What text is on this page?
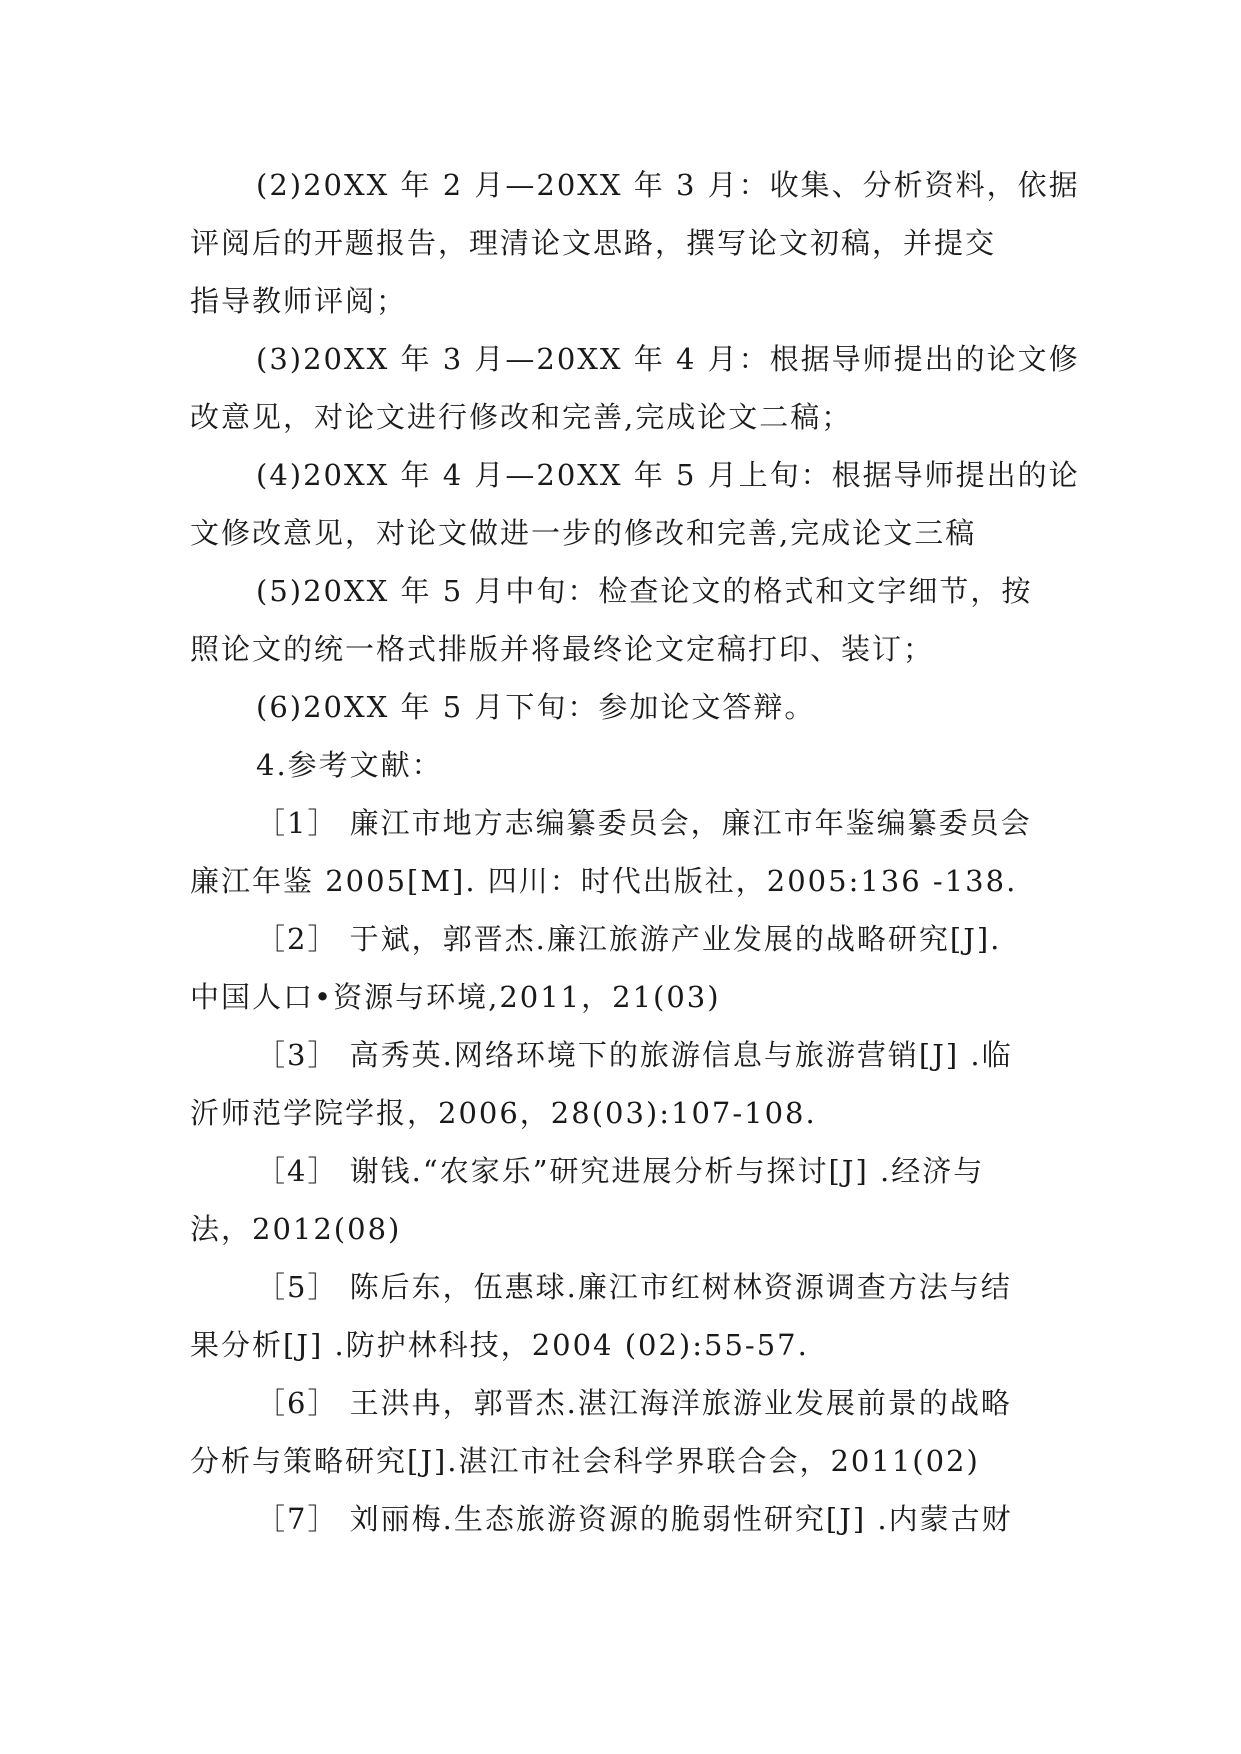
(2)20XX 年 2 月—20XX 年 3 月：收集、分析资料，依据
评阅后的开题报告，理清论文思路，撰写论文初稿，并提交
指导教师评阅；
(3)20XX 年 3 月—20XX 年 4 月：根据导师提出的论文修
改意见，对论文进行修改和完善,完成论文二稿；
(4)20XX 年 4 月—20XX 年 5 月上旬：根据导师提出的论
文修改意见，对论文做进一步的修改和完善,完成论文三稿
(5)20XX 年 5 月中旬：检查论文的格式和文字细节，按
照论文的统一格式排版并将最终论文定稿打印、装订；
(6)20XX 年 5 月下旬：参加论文答辩。
4.参考文献：
［1］ 廉江市地方志编纂委员会，廉江市年鉴编纂委员会
廉江年鉴 2005[M]. 四川：时代出版社，2005:136 -138.
［2］ 于斌，郭晋杰.廉江旅游产业发展的战略研究[J].
中国人口•资源与环境,2011，21(03)
［3］ 高秀英.网络环境下的旅游信息与旅游营销[J] .临
沂师范学院学报，2006，28(03):107-108.
［4］ 谢钱.“农家乐”研究进展分析与探讨[J] .经济与
法，2012(08)
［5］ 陈后东，伍惠球.廉江市红树林资源调查方法与结
果分析[J] .防护林科技，2004 (02):55-57.
［6］ 王洪冉，郭晋杰.湛江海洋旅游业发展前景的战略
分析与策略研究[J].湛江市社会科学界联合会，2011(02)
［7］ 刘丽梅.生态旅游资源的脆弱性研究[J] .内蒙古财
